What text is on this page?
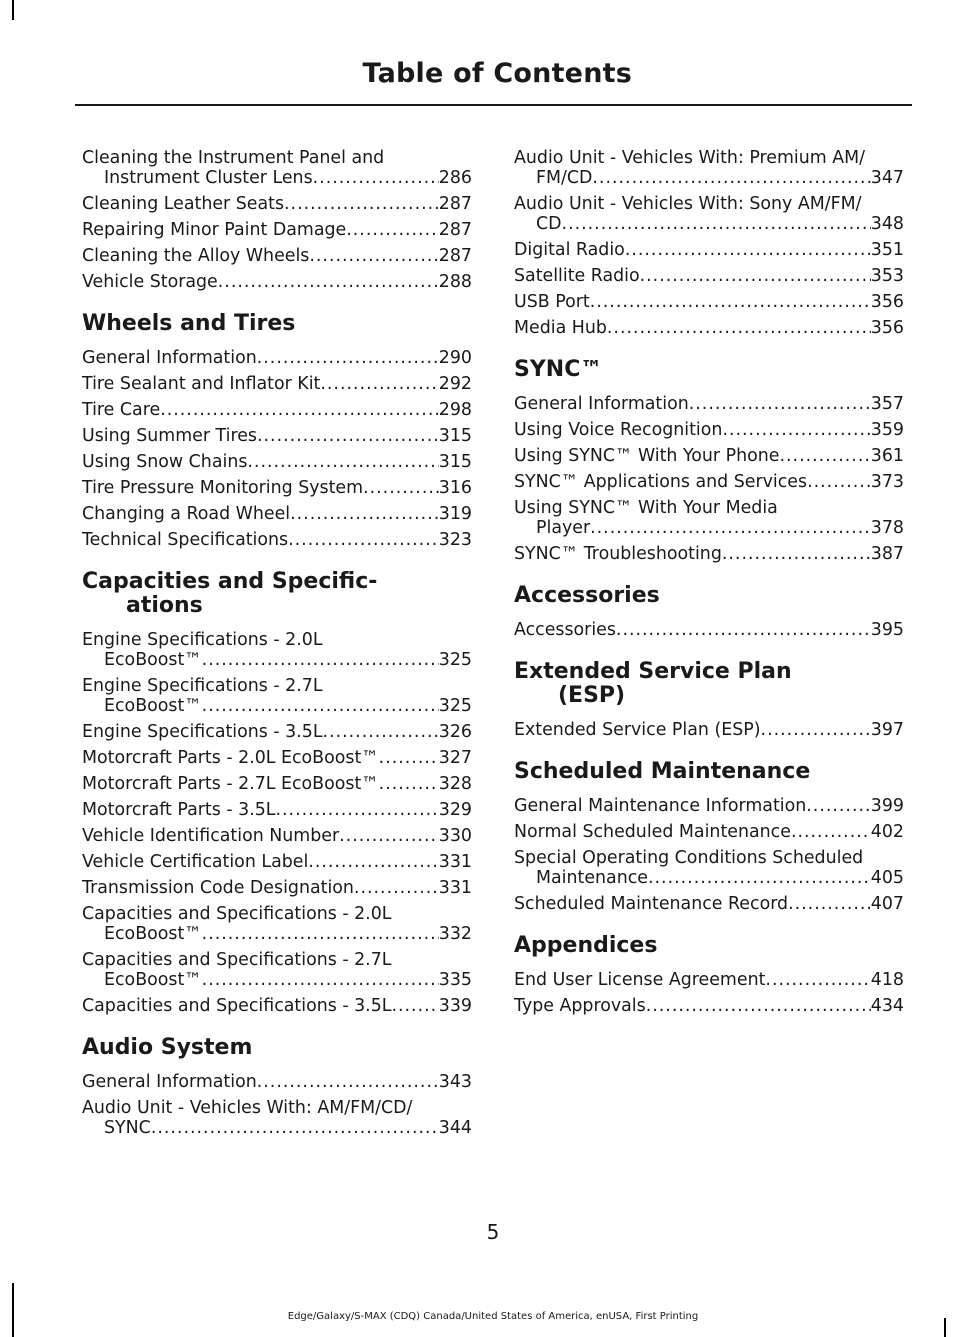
Table of Contents
Cleaning the Instrument Panel and
Instrument Cluster Lens .....	286
Cleaning Leather Seats .....	287
Repairing Minor Paint Damage .....	287
Cleaning the Alloy Wheels .....	287
Vehicle Storage .....	288
Wheels and Tires
General Information .....	290
Tire Sealant and Inflator Kit .....	292
Tire Care .....	298
Using Summer Tires .....	315
Using Snow Chains .....	315
Tire Pressure Monitoring System .....	316
Changing a Road Wheel .....	319
Technical Specifications .....	323
Capacities and Specific-
ations
Engine Specifications - 2.0L
EcoBoost™ .....	325
Engine Specifications - 2.7L
EcoBoost™ .....	325
Engine Specifications - 3.5L .....	326
Motorcraft Parts - 2.0L EcoBoost™ .....	327
Motorcraft Parts - 2.7L EcoBoost™ .....	328
Motorcraft Parts - 3.5L .....	329
Vehicle Identification Number .....	330
Vehicle Certification Label .....	331
Transmission Code Designation .....	331
Capacities and Specifications - 2.0L
EcoBoost™ .....	332
Capacities and Specifications - 2.7L
EcoBoost™ .....	335
Capacities and Specifications - 3.5L .....	339
Audio System
General Information .....	343
Audio Unit - Vehicles With: AM/FM/CD/
SYNC .....	344
Audio Unit - Vehicles With: Premium AM/
FM/CD .....	347
Audio Unit - Vehicles With: Sony AM/FM/
CD .....	348
Digital Radio .....	351
Satellite Radio .....	353
USB Port .....	356
Media Hub .....	356
SYNC™
General Information .....	357
Using Voice Recognition .....	359
Using SYNC™ With Your Phone .....	361
SYNC™ Applications and Services .....	373
Using SYNC™ With Your Media
Player .....	378
SYNC™ Troubleshooting .....	387
Accessories
Accessories .....	395
Extended Service Plan
(ESP)
Extended Service Plan (ESP) .....	397
Scheduled Maintenance
General Maintenance Information .....	399
Normal Scheduled Maintenance .....	402
Special Operating Conditions Scheduled
Maintenance .....	405
Scheduled Maintenance Record .....	407
Appendices
End User License Agreement .....	418
Type Approvals .....	434
5
Edge/Galaxy/S-MAX (CDQ) Canada/United States of America, enUSA, First Printing
